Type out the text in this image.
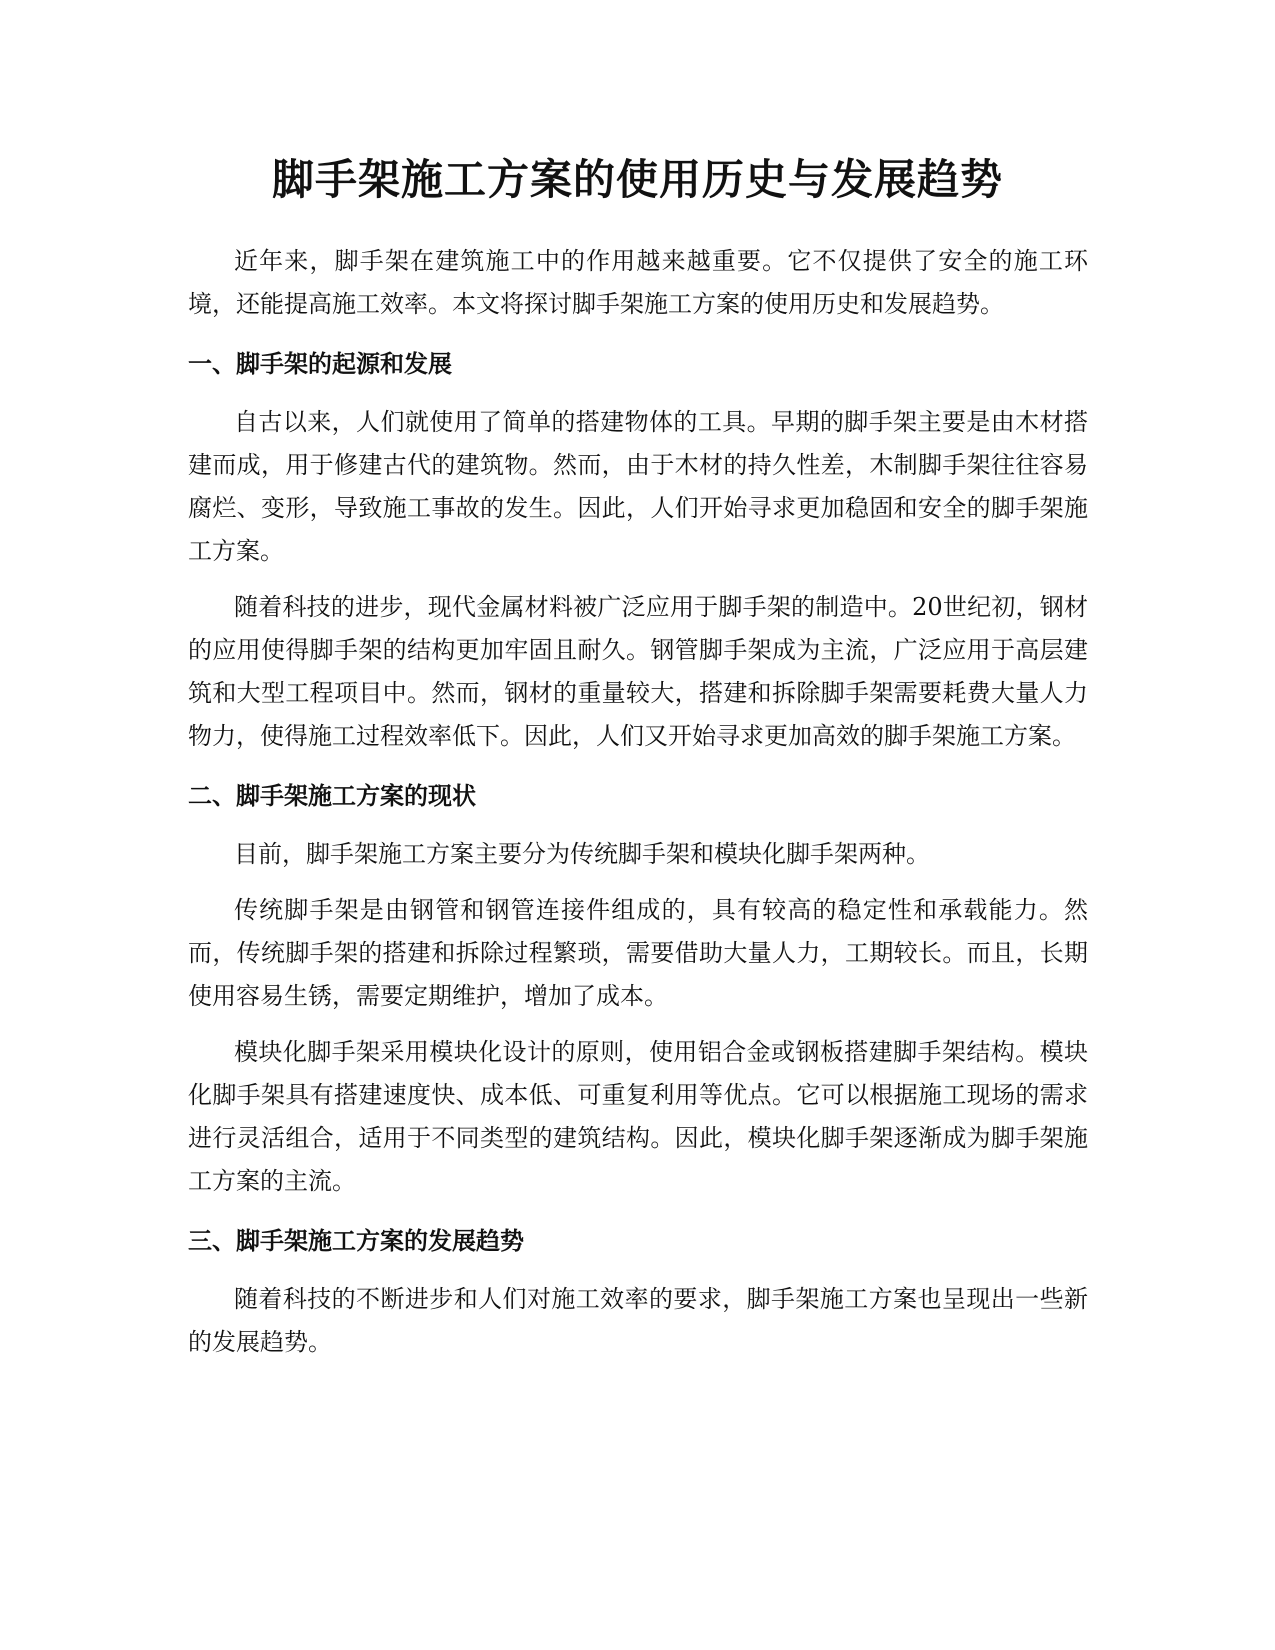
脚手架施工方案的使用历史与发展趋势

近年来，脚手架在建筑施工中的作用越来越重要。它不仅提供了安全的施工环境，还能提高施工效率。本文将探讨脚手架施工方案的使用历史和发展趋势。

一、脚手架的起源和发展

自古以来，人们就使用了简单的搭建物体的工具。早期的脚手架主要是由木材搭建而成，用于修建古代的建筑物。然而，由于木材的持久性差，木制脚手架往往容易腐烂、变形，导致施工事故的发生。因此，人们开始寻求更加稳固和安全的脚手架施工方案。

随着科技的进步，现代金属材料被广泛应用于脚手架的制造中。20世纪初，钢材的应用使得脚手架的结构更加牢固且耐久。钢管脚手架成为主流，广泛应用于高层建筑和大型工程项目中。然而，钢材的重量较大，搭建和拆除脚手架需要耗费大量人力物力，使得施工过程效率低下。因此，人们又开始寻求更加高效的脚手架施工方案。

二、脚手架施工方案的现状

目前，脚手架施工方案主要分为传统脚手架和模块化脚手架两种。

传统脚手架是由钢管和钢管连接件组成的，具有较高的稳定性和承载能力。然而，传统脚手架的搭建和拆除过程繁琐，需要借助大量人力，工期较长。而且，长期使用容易生锈，需要定期维护，增加了成本。

模块化脚手架采用模块化设计的原则，使用铝合金或钢板搭建脚手架结构。模块化脚手架具有搭建速度快、成本低、可重复利用等优点。它可以根据施工现场的需求进行灵活组合，适用于不同类型的建筑结构。因此，模块化脚手架逐渐成为脚手架施工方案的主流。

三、脚手架施工方案的发展趋势

随着科技的不断进步和人们对施工效率的要求，脚手架施工方案也呈现出一些新的发展趋势。
